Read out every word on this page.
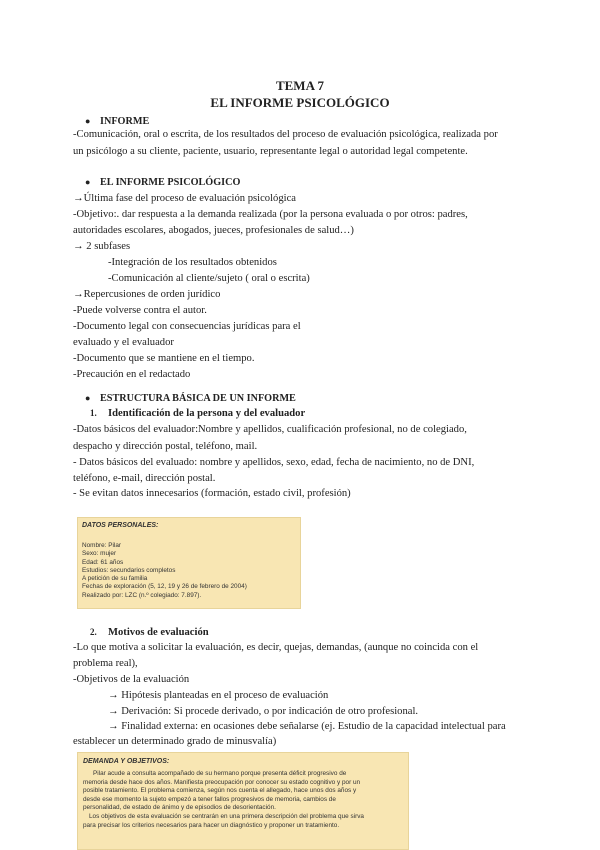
TEMA 7
EL INFORME PSICOLÓGICO
● INFORME
-Comunicación, oral o escrita, de los resultados del proceso de evaluación psicológica, realizada por
un psicólogo a su cliente, paciente, usuario, representante legal o autoridad legal competente.
● EL INFORME PSICOLÓGICO
→Última fase del proceso de evaluación psicológica
-Objetivo:. dar respuesta a la demanda realizada (por la persona evaluada o por otros: padres,
autoridades escolares, abogados, jueces, profesionales de salud…)
→ 2 subfases
-Integración de los resultados obtenidos
-Comunicación al cliente/sujeto ( oral o escrita)
→Repercusiones de orden jurídico
-Puede volverse contra el autor.
-Documento legal con consecuencias jurídicas para el
evaluado y el evaluador
-Documento que se mantiene en el tiempo.
-Precaución en el redactado
● ESTRUCTURA BÁSICA DE UN INFORME
1. Identificación de la persona y del evaluador
-Datos básicos del evaluador:Nombre y apellidos, cualificación profesional, no de colegiado,
despacho y dirección postal, teléfono, mail.
- Datos básicos del evaluado: nombre y apellidos, sexo, edad, fecha de nacimiento, no de DNI,
teléfono, e-mail, dirección postal.
- Se evitan datos innecesarios (formación, estado civil, profesión)
DATOS PERSONALES:
Nombre: Pilar
Sexo: mujer
Edad: 61 años
Estudios: secundarios completos
A petición de su familia
Fechas de exploración (5, 12, 19 y 26 de febrero de 2004)
Realizado por: LZC (n.º colegiado: 7.897).
2. Motivos de evaluación
-Lo que motiva a solicitar la evaluación, es decir, quejas, demandas, (aunque no coincida con el
problema real),
-Objetivos de la evaluación
→ Hipótesis planteadas en el proceso de evaluación
→ Derivación: Si procede derivado, o por indicación de otro profesional.
→ Finalidad externa: en ocasiones debe señalarse (ej. Estudio de la capacidad intelectual para
establecer un determinado grado de minusvalía)
DEMANDA Y OBJETIVOS:
Pilar acude a consulta acompañado de su hermano porque presenta déficit progresivo de
memoria desde hace dos años. Manifiesta preocupación por conocer su estado cognitivo y por un
posible tratamiento. El problema comienza, según nos cuenta el allegado, hace unos dos años y
desde ese momento la sujeto empezó a tener fallos progresivos de memoria, cambios de
personalidad, de estado de ánimo y de episodios de desorientación.
Los objetivos de esta evaluación se centrarán en una primera descripción del problema que sirva
para precisar los criterios necesarios para hacer un diagnóstico y proponer un tratamiento.
